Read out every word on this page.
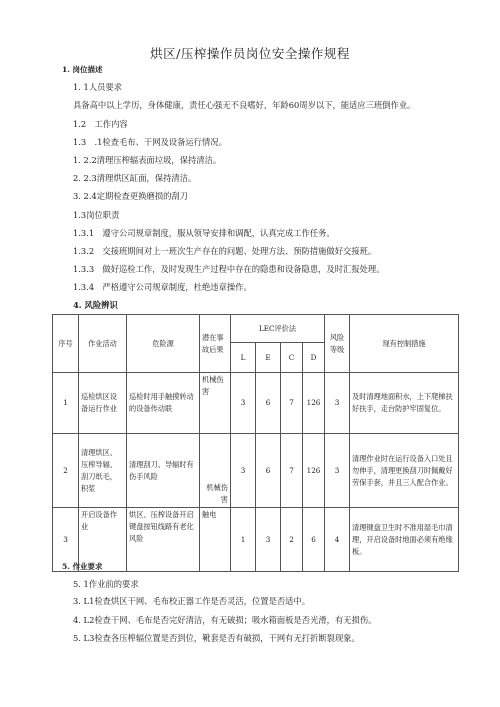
烘区/压榨操作员岗位安全操作规程
1. 岗位描述
1. 1人员要求
具备高中以上学历，身体健康，责任心强无不良嗜好，年龄60周岁以下，能适应三班倒作业。
1.2　工作内容
1.3　.1检查毛布、干网及设备运行情况。
1. 2.2清理压榨辐表面垃圾，保持清洁。
2. 2.3清理烘区缸面，保持清洁。
3. 2.4定期检查更换磨损的刮刀
1.3岗位职责
1.3.1　遵守公司规章制度，服从领导安排和调配，认真完成工作任务。
1.3.2　交接班期间对上一班次生产存在的问题、处理方法、预防措施做好交接班。
1.3.3　做好巡检工作，及时发现生产过程中存在的隐患和设备隐患，及时汇报处理。
1.3.4　严格遵守公司规章制度，杜绝违章操作。
4. 风险辨识
序号	作业活动	危险源	潜在事故后果	LEC评价法				风险等级	现有控制措施
				L	E	C	D		
1	巡检烘区设备运行作业	巡检时用手触摸转动的设备传动联	机械伤害	3	6	7	126	3	及时清理地面积水，上下爬梯扶好扶手，走台防护牢固复位。
2	清理烘区、压榨导辐、刮刀纸毛，积浆	清理刮刀、导辐时有伤手风险	机械伤害	3	6	7	126	3	清理作业时在运行设备入口处且勿伸手，清理更换刮刀时佩戴好劳保手套，并且三人配合作业。
3	开启设备作业	烘区、压榨设备开启键盘按钮线路有老化风险	触电	1	3	2	6	4	清理键盘卫生时不准用湿毛巾清理，开启设备时地面必须有绝缘板。
5. 作业要求
5. 1作业前的要求
3. L1检查烘区干网、毛布校正器工作是否灵活，位置是否适中。
4. L2检查干网、毛布是否完好清洁，有无破损；吸水箱面板是否光滑，有无损伤。
5. L3检查各压榨辐位置是否到位，靴套是否有破损，干网有无打折断裂现象。
